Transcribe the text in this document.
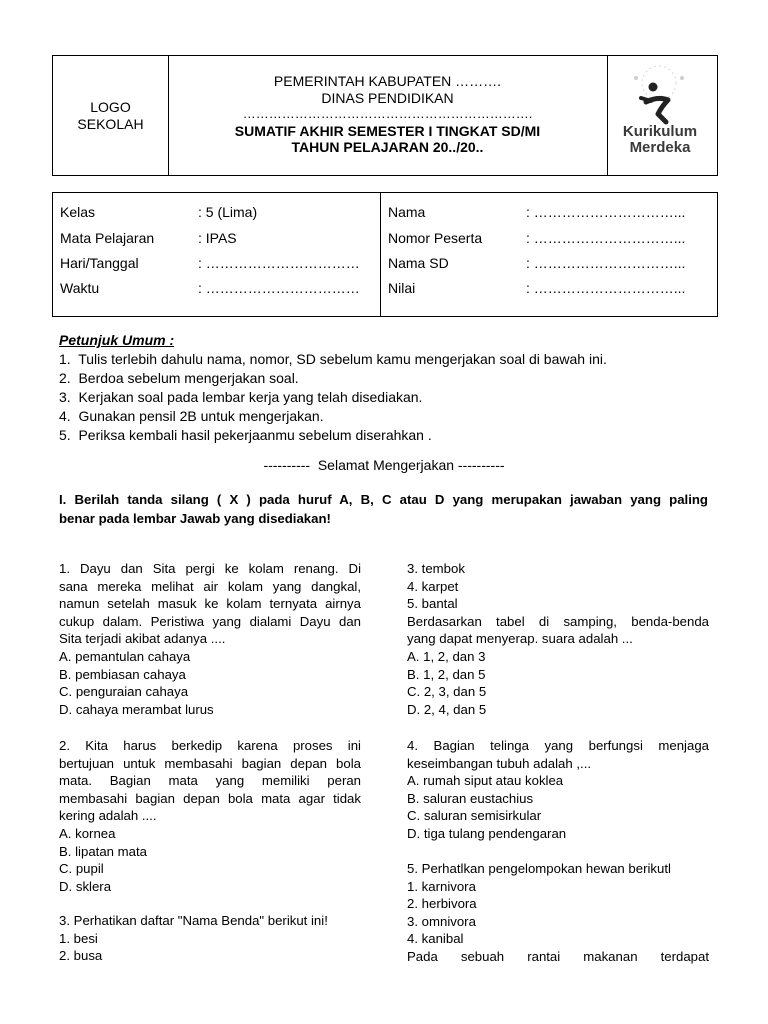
LOGO
SEKOLAH
PEMERINTAH KABUPATEN ……….
DINAS PENDIDIKAN
………………………………………………………….
SUMATIF AKHIR SEMESTER I TINGKAT SD/MI
TAHUN PELAJARAN 20../20..
Kurikulum
Merdeka
Kelas	: 5 (Lima)
Mata Pelajaran	: IPAS
Hari/Tanggal	: ……………………………
Waktu	: ……………………………
Nama	: …………………………...
Nomor Peserta	: …………………………...
Nama SD	: …………………………...
Nilai	: …………………………...
Petunjuk Umum :
1.  Tulis terlebih dahulu nama, nomor, SD sebelum kamu mengerjakan soal di bawah ini.
2.  Berdoa sebelum mengerjakan soal.
3.  Kerjakan soal pada lembar kerja yang telah disediakan.
4.  Gunakan pensil 2B untuk mengerjakan.
5.  Periksa kembali hasil pekerjaanmu sebelum diserahkan .
----------  Selamat Mengerjakan ----------
I. Berilah tanda silang ( X ) pada huruf A, B, C atau D yang merupakan jawaban yang paling
benar pada lembar Jawab yang disediakan!
1. Dayu dan Sita pergi ke kolam renang. Di
sana mereka melihat air kolam yang dangkal,
namun setelah masuk ke kolam ternyata airnya
cukup dalam. Peristiwa yang dialami Dayu dan
Sita terjadi akibat adanya ....
A. pemantulan cahaya
B. pembiasan cahaya
C. penguraian cahaya
D. cahaya merambat lurus
2. Kita harus berkedip karena proses ini
bertujuan untuk membasahi bagian depan bola
mata. Bagian mata yang memiliki peran
membasahi bagian depan bola mata agar tidak
kering adalah ....
A. kornea
B. lipatan mata
C. pupil
D. sklera
3. Perhatikan daftar "Nama Benda" berikut ini!
1. besi
2. busa
3. tembok
4. karpet
5. bantal
Berdasarkan tabel di samping, benda-benda
yang dapat menyerap. suara adalah ...
A. 1, 2, dan 3
B. 1, 2, dan 5
C. 2, 3, dan 5
D. 2, 4, dan 5
4. Bagian telinga yang berfungsi menjaga
keseimbangan tubuh adalah ,...
A. rumah siput atau koklea
B. saluran eustachius
C. saluran semisirkular
D. tiga tulang pendengaran
5. Perhatlkan pengelompokan hewan berikutl
1. karnivora
2. herbivora
3. omnivora
4. kanibal
Pada sebuah rantai makanan terdapat
